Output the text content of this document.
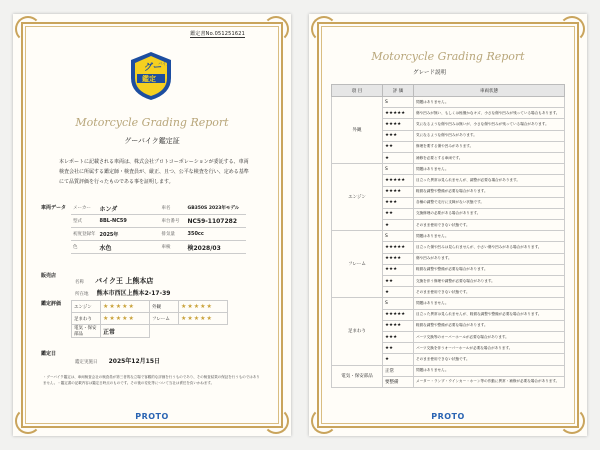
鑑定書No.051251621
グー
バイク
鑑定
Motorcycle Grading Report
グーバイク鑑定証
本レポートに記載される車両は、株式会社プロトコーポレーションが委託する、車両検査会社に所属する鑑定師・検査員が、厳正、且つ、公平な検査を行い、定める基準にて品質評価を行ったものである事を証明します。
車両データ メーカー	ホンダ	車名	GB350S 2023年モデル
型式	8BL-NC59	車台番号	NC59-1107282
初度登録年	2025年	排気量	350cc
色	水色	車検	検2028/03
販売店
名称 バイク王 上熊本店
所在地 熊本市西区上熊本2-17-39
鑑定評価	エンジン	★★★★★	外観	★★★★★
足まわり	★★★★★	フレーム	★★★★★
電気・保安部品	正常		
鑑定日
鑑定実施日 2025年12月15日
・グーバイク鑑定は、車両検査会社の検査員が第三者的な立場で客観的な評価を行うものであり、その検査結果の保証を行うものではありません。・鑑定書の記載内容は鑑定日時点のものです。その後の変化等について当社は責任を負いかねます。
PROTO
Motorcycle Grading Report
グレード説明
項 目	評 価	車両状態
外観	S	問題はありません。
	★★★★★	傷や凹みが無い、もしくは極僅かなキズ、小さな傷や凹みが残っている場合もあります。
	★★★★	気になるような傷や凹みは無いが、小さな傷や凹みが残っている場合があります。
	★★★	気になるような傷や凹みがあります。
	★★	修理を要する傷や凹みがあります。
	★	補修を必要とする車両です。
エンジン	S	問題はありません。
	★★★★★	目立った異常は見られませんが、調整が必要な場合があります。
	★★★★	軽微な調整や整備が必要な場合があります。
	★★★	各種の調整で走行に支障がない状態です。
	★★	交換修理の必要がある場合があります。
	★	そのまま使用できない状態です。
フレーム	S	問題はありません。
	★★★★★	目立った傷や凹みは見られませんが、小さい傷や凹みがある場合があります。
	★★★★	傷や凹みがあります。
	★★★	軽微な調整や整備が必要な場合があります。
	★★	交換を伴う修理や調整が必要な場合があります。
	★	そのまま使用できない状態です。
足まわり	S	問題はありません。
	★★★★★	目立った異常は見られませんが、軽微な調整や整備が必要な場合があります。
	★★★★	軽微な調整や整備が必要な場合があります。
	★★★	パーツ交換等のオーバーホールが必要な場合があります。
	★★	パーツ交換を伴うオーバーホールが必要な場合があります。
	★	そのまま使用できない状態です。
電気・保安部品	正常	問題はありません。
	要整備	メーター・ランプ・ウインカー・ホーン等の作動に異常・補修が必要な場合があります。
PROTO
